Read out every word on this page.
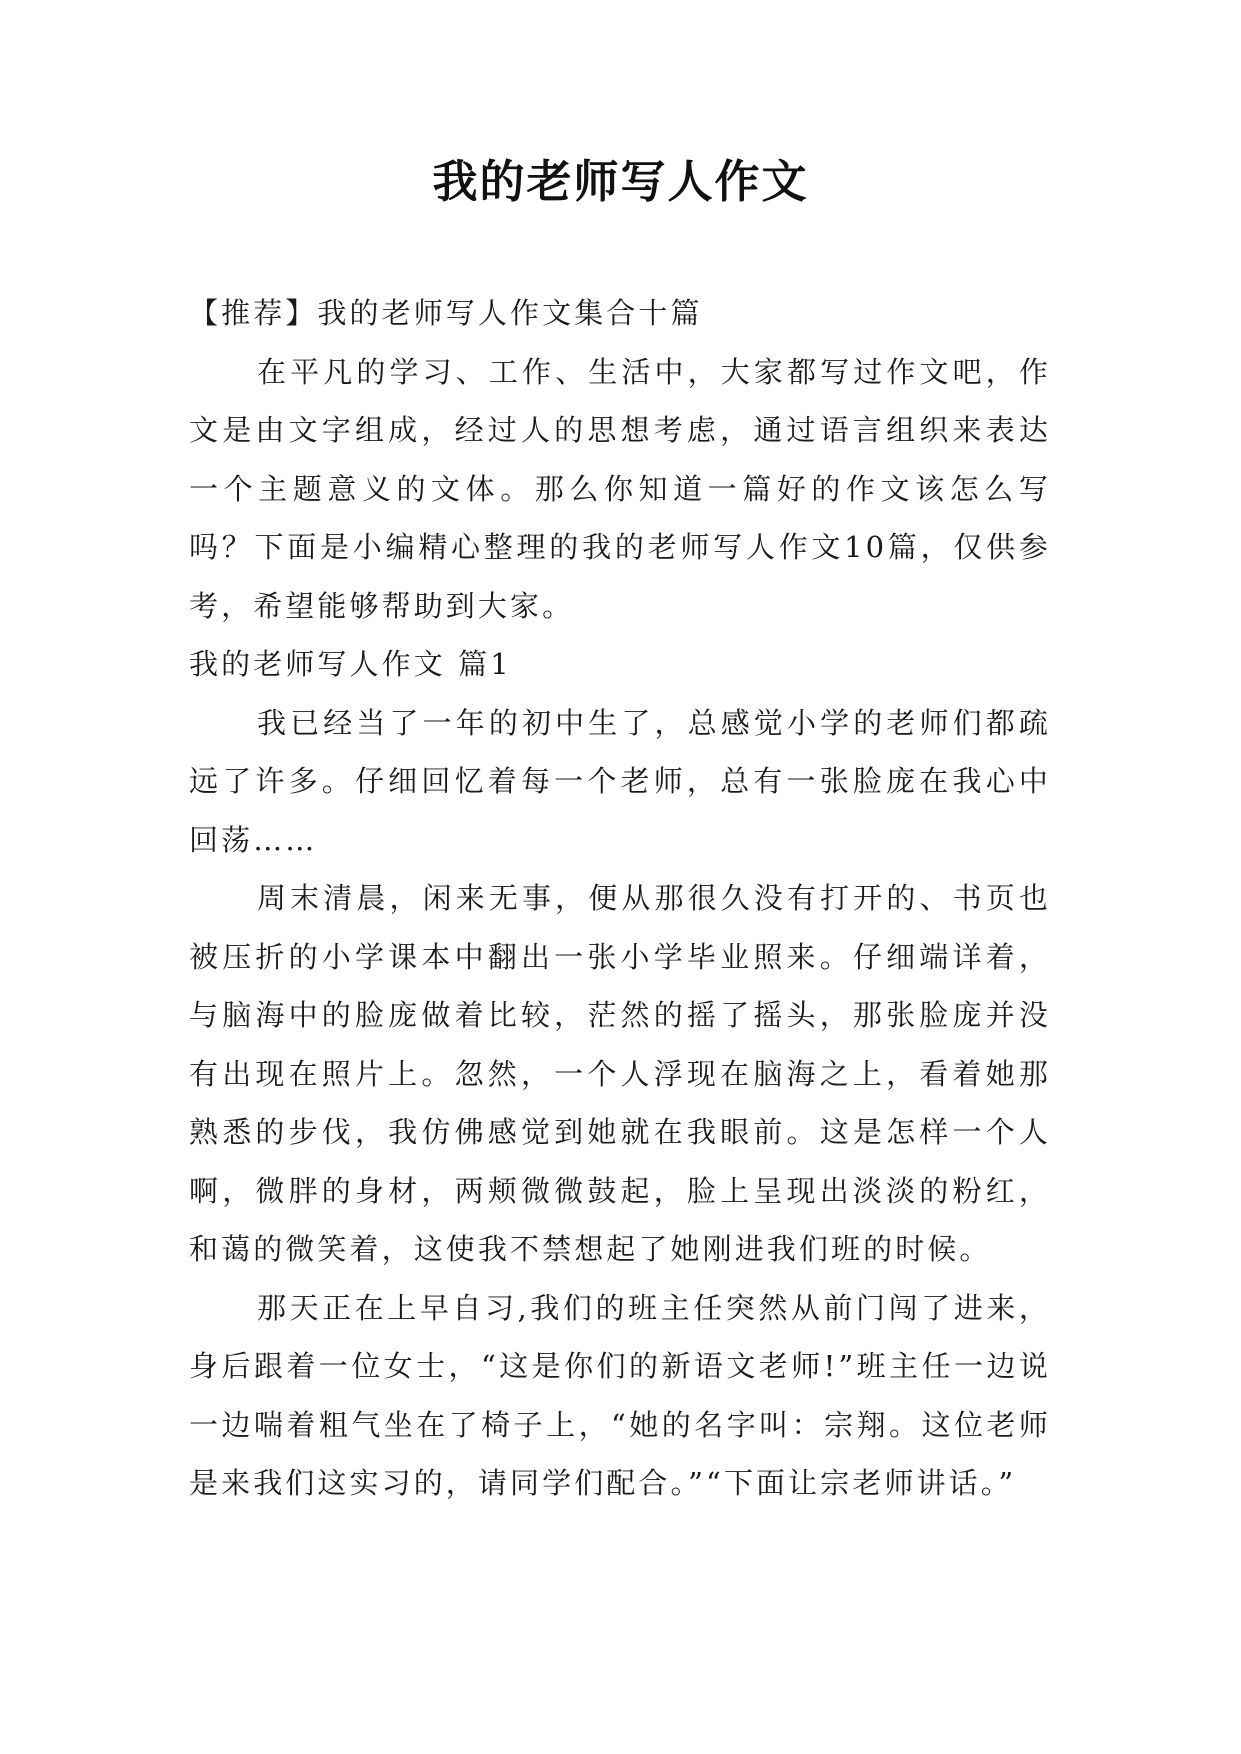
我的老师写人作文

【推荐】我的老师写人作文集合十篇

在平凡的学习、工作、生活中，大家都写过作文吧，作文是由文字组成，经过人的思想考虑，通过语言组织来表达一个主题意义的文体。那么你知道一篇好的作文该怎么写吗？下面是小编精心整理的我的老师写人作文10篇，仅供参考，希望能够帮助到大家。

我的老师写人作文 篇1

我已经当了一年的初中生了，总感觉小学的老师们都疏远了许多。仔细回忆着每一个老师，总有一张脸庞在我心中回荡……

周末清晨，闲来无事，便从那很久没有打开的、书页也被压折的小学课本中翻出一张小学毕业照来。仔细端详着，与脑海中的脸庞做着比较，茫然的摇了摇头，那张脸庞并没有出现在照片上。忽然，一个人浮现在脑海之上，看着她那熟悉的步伐，我仿佛感觉到她就在我眼前。这是怎样一个人啊，微胖的身材，两颊微微鼓起，脸上呈现出淡淡的粉红，和蔼的微笑着，这使我不禁想起了她刚进我们班的时候。

那天正在上早自习,我们的班主任突然从前门闯了进来，身后跟着一位女士，“这是你们的新语文老师!”班主任一边说一边喘着粗气坐在了椅子上，“她的名字叫：宗翔。这位老师是来我们这实习的，请同学们配合。”“下面让宗老师讲话。”
